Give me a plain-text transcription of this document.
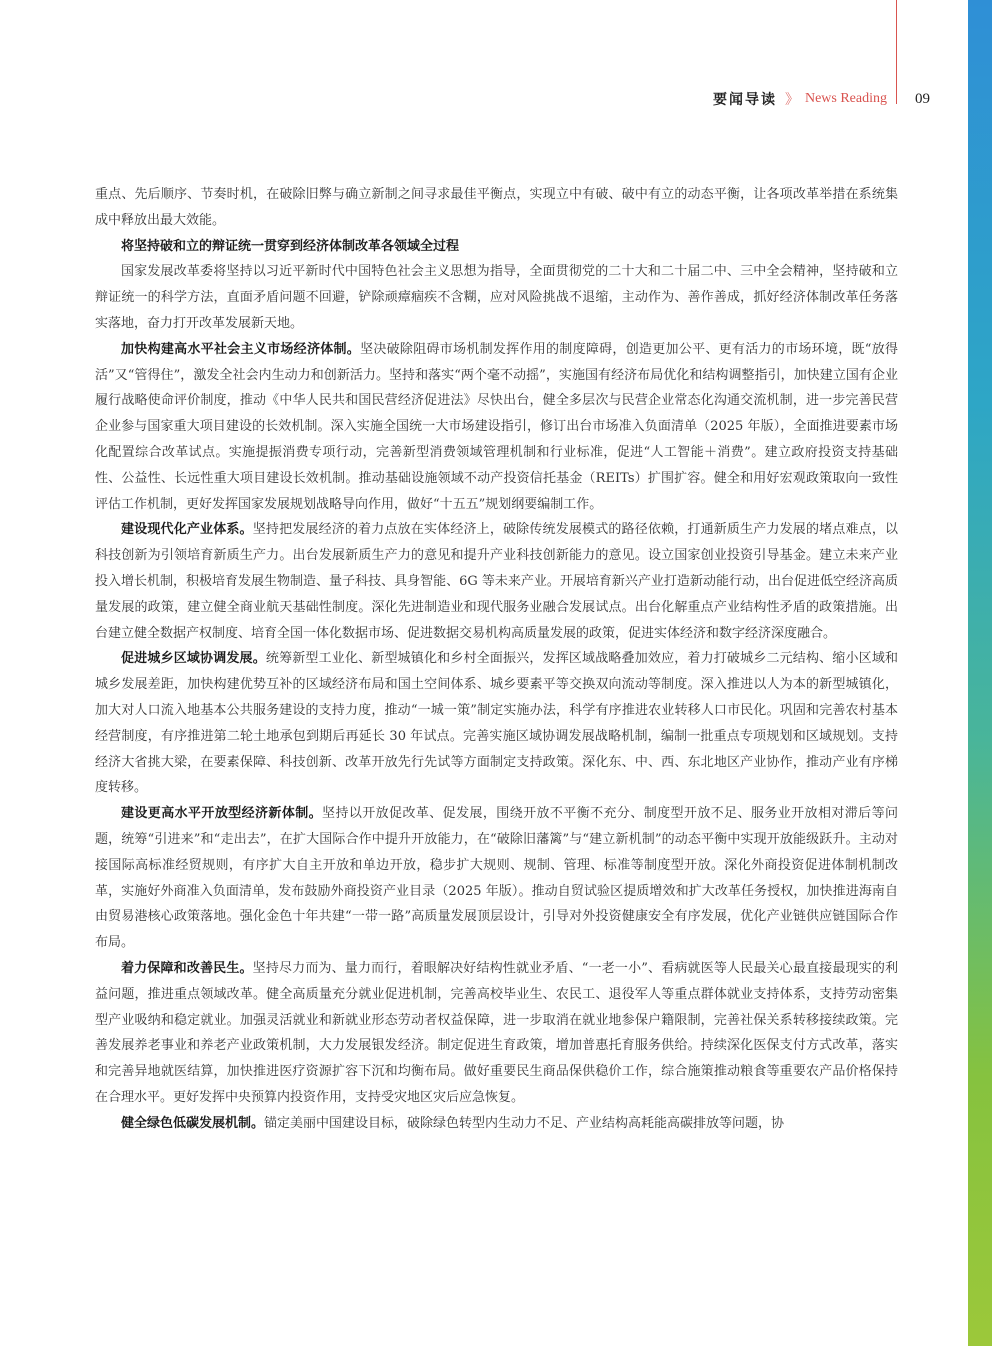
要闻导读 》 News Reading 09

重点、先后顺序、节奏时机，在破除旧弊与确立新制之间寻求最佳平衡点，实现立中有破、破中有立的动态平衡，让各项改革举措在系统集成中释放出最大效能。

将坚持破和立的辩证统一贯穿到经济体制改革各领域全过程

国家发展改革委将坚持以习近平新时代中国特色社会主义思想为指导，全面贯彻党的二十大和二十届二中、三中全会精神，坚持破和立辩证统一的科学方法，直面矛盾问题不回避，铲除顽瘴痼疾不含糊，应对风险挑战不退缩，主动作为、善作善成，抓好经济体制改革任务落实落地，奋力打开改革发展新天地。

加快构建高水平社会主义市场经济体制。坚决破除阻碍市场机制发挥作用的制度障碍，创造更加公平、更有活力的市场环境，既“放得活”又“管得住”，激发全社会内生动力和创新活力。坚持和落实“两个毫不动摇”，实施国有经济布局优化和结构调整指引，加快建立国有企业履行战略使命评价制度，推动《中华人民共和国民营经济促进法》尽快出台，健全多层次与民营企业常态化沟通交流机制，进一步完善民营企业参与国家重大项目建设的长效机制。深入实施全国统一大市场建设指引，修订出台市场准入负面清单（2025 年版），全面推进要素市场化配置综合改革试点。实施提振消费专项行动，完善新型消费领域管理机制和行业标准，促进“人工智能＋消费”。建立政府投资支持基础性、公益性、长远性重大项目建设长效机制。推动基础设施领域不动产投资信托基金（REITs）扩围扩容。健全和用好宏观政策取向一致性评估工作机制，更好发挥国家发展规划战略导向作用，做好“十五五”规划纲要编制工作。

建设现代化产业体系。坚持把发展经济的着力点放在实体经济上，破除传统发展模式的路径依赖，打通新质生产力发展的堵点难点，以科技创新为引领培育新质生产力。出台发展新质生产力的意见和提升产业科技创新能力的意见。设立国家创业投资引导基金。建立未来产业投入增长机制，积极培育发展生物制造、量子科技、具身智能、6G 等未来产业。开展培育新兴产业打造新动能行动，出台促进低空经济高质量发展的政策，建立健全商业航天基础性制度。深化先进制造业和现代服务业融合发展试点。出台化解重点产业结构性矛盾的政策措施。出台建立健全数据产权制度、培育全国一体化数据市场、促进数据交易机构高质量发展的政策，促进实体经济和数字经济深度融合。

促进城乡区域协调发展。统筹新型工业化、新型城镇化和乡村全面振兴，发挥区域战略叠加效应，着力打破城乡二元结构、缩小区域和城乡发展差距，加快构建优势互补的区域经济布局和国土空间体系、城乡要素平等交换双向流动等制度。深入推进以人为本的新型城镇化，加大对人口流入地基本公共服务建设的支持力度，推动“一城一策”制定实施办法，科学有序推进农业转移人口市民化。巩固和完善农村基本经营制度，有序推进第二轮土地承包到期后再延长 30 年试点。完善实施区域协调发展战略机制，编制一批重点专项规划和区域规划。支持经济大省挑大梁，在要素保障、科技创新、改革开放先行先试等方面制定支持政策。深化东、中、西、东北地区产业协作，推动产业有序梯度转移。

建设更高水平开放型经济新体制。坚持以开放促改革、促发展，围绕开放不平衡不充分、制度型开放不足、服务业开放相对滞后等问题，统筹“引进来”和“走出去”，在扩大国际合作中提升开放能力，在“破除旧藩篱”与“建立新机制”的动态平衡中实现开放能级跃升。主动对接国际高标准经贸规则，有序扩大自主开放和单边开放，稳步扩大规则、规制、管理、标准等制度型开放。深化外商投资促进体制机制改革，实施好外商准入负面清单，发布鼓励外商投资产业目录（2025 年版）。推动自贸试验区提质增效和扩大改革任务授权，加快推进海南自由贸易港核心政策落地。强化金色十年共建“一带一路”高质量发展顶层设计，引导对外投资健康安全有序发展，优化产业链供应链国际合作布局。

着力保障和改善民生。坚持尽力而为、量力而行，着眼解决好结构性就业矛盾、“一老一小”、看病就医等人民最关心最直接最现实的利益问题，推进重点领域改革。健全高质量充分就业促进机制，完善高校毕业生、农民工、退役军人等重点群体就业支持体系，支持劳动密集型产业吸纳和稳定就业。加强灵活就业和新就业形态劳动者权益保障，进一步取消在就业地参保户籍限制，完善社保关系转移接续政策。完善发展养老事业和养老产业政策机制，大力发展银发经济。制定促进生育政策，增加普惠托育服务供给。持续深化医保支付方式改革，落实和完善异地就医结算，加快推进医疗资源扩容下沉和均衡布局。做好重要民生商品保供稳价工作，综合施策推动粮食等重要农产品价格保持在合理水平。更好发挥中央预算内投资作用，支持受灾地区灾后应急恢复。

健全绿色低碳发展机制。锚定美丽中国建设目标，破除绿色转型内生动力不足、产业结构高耗能高碳排放等问题，协
